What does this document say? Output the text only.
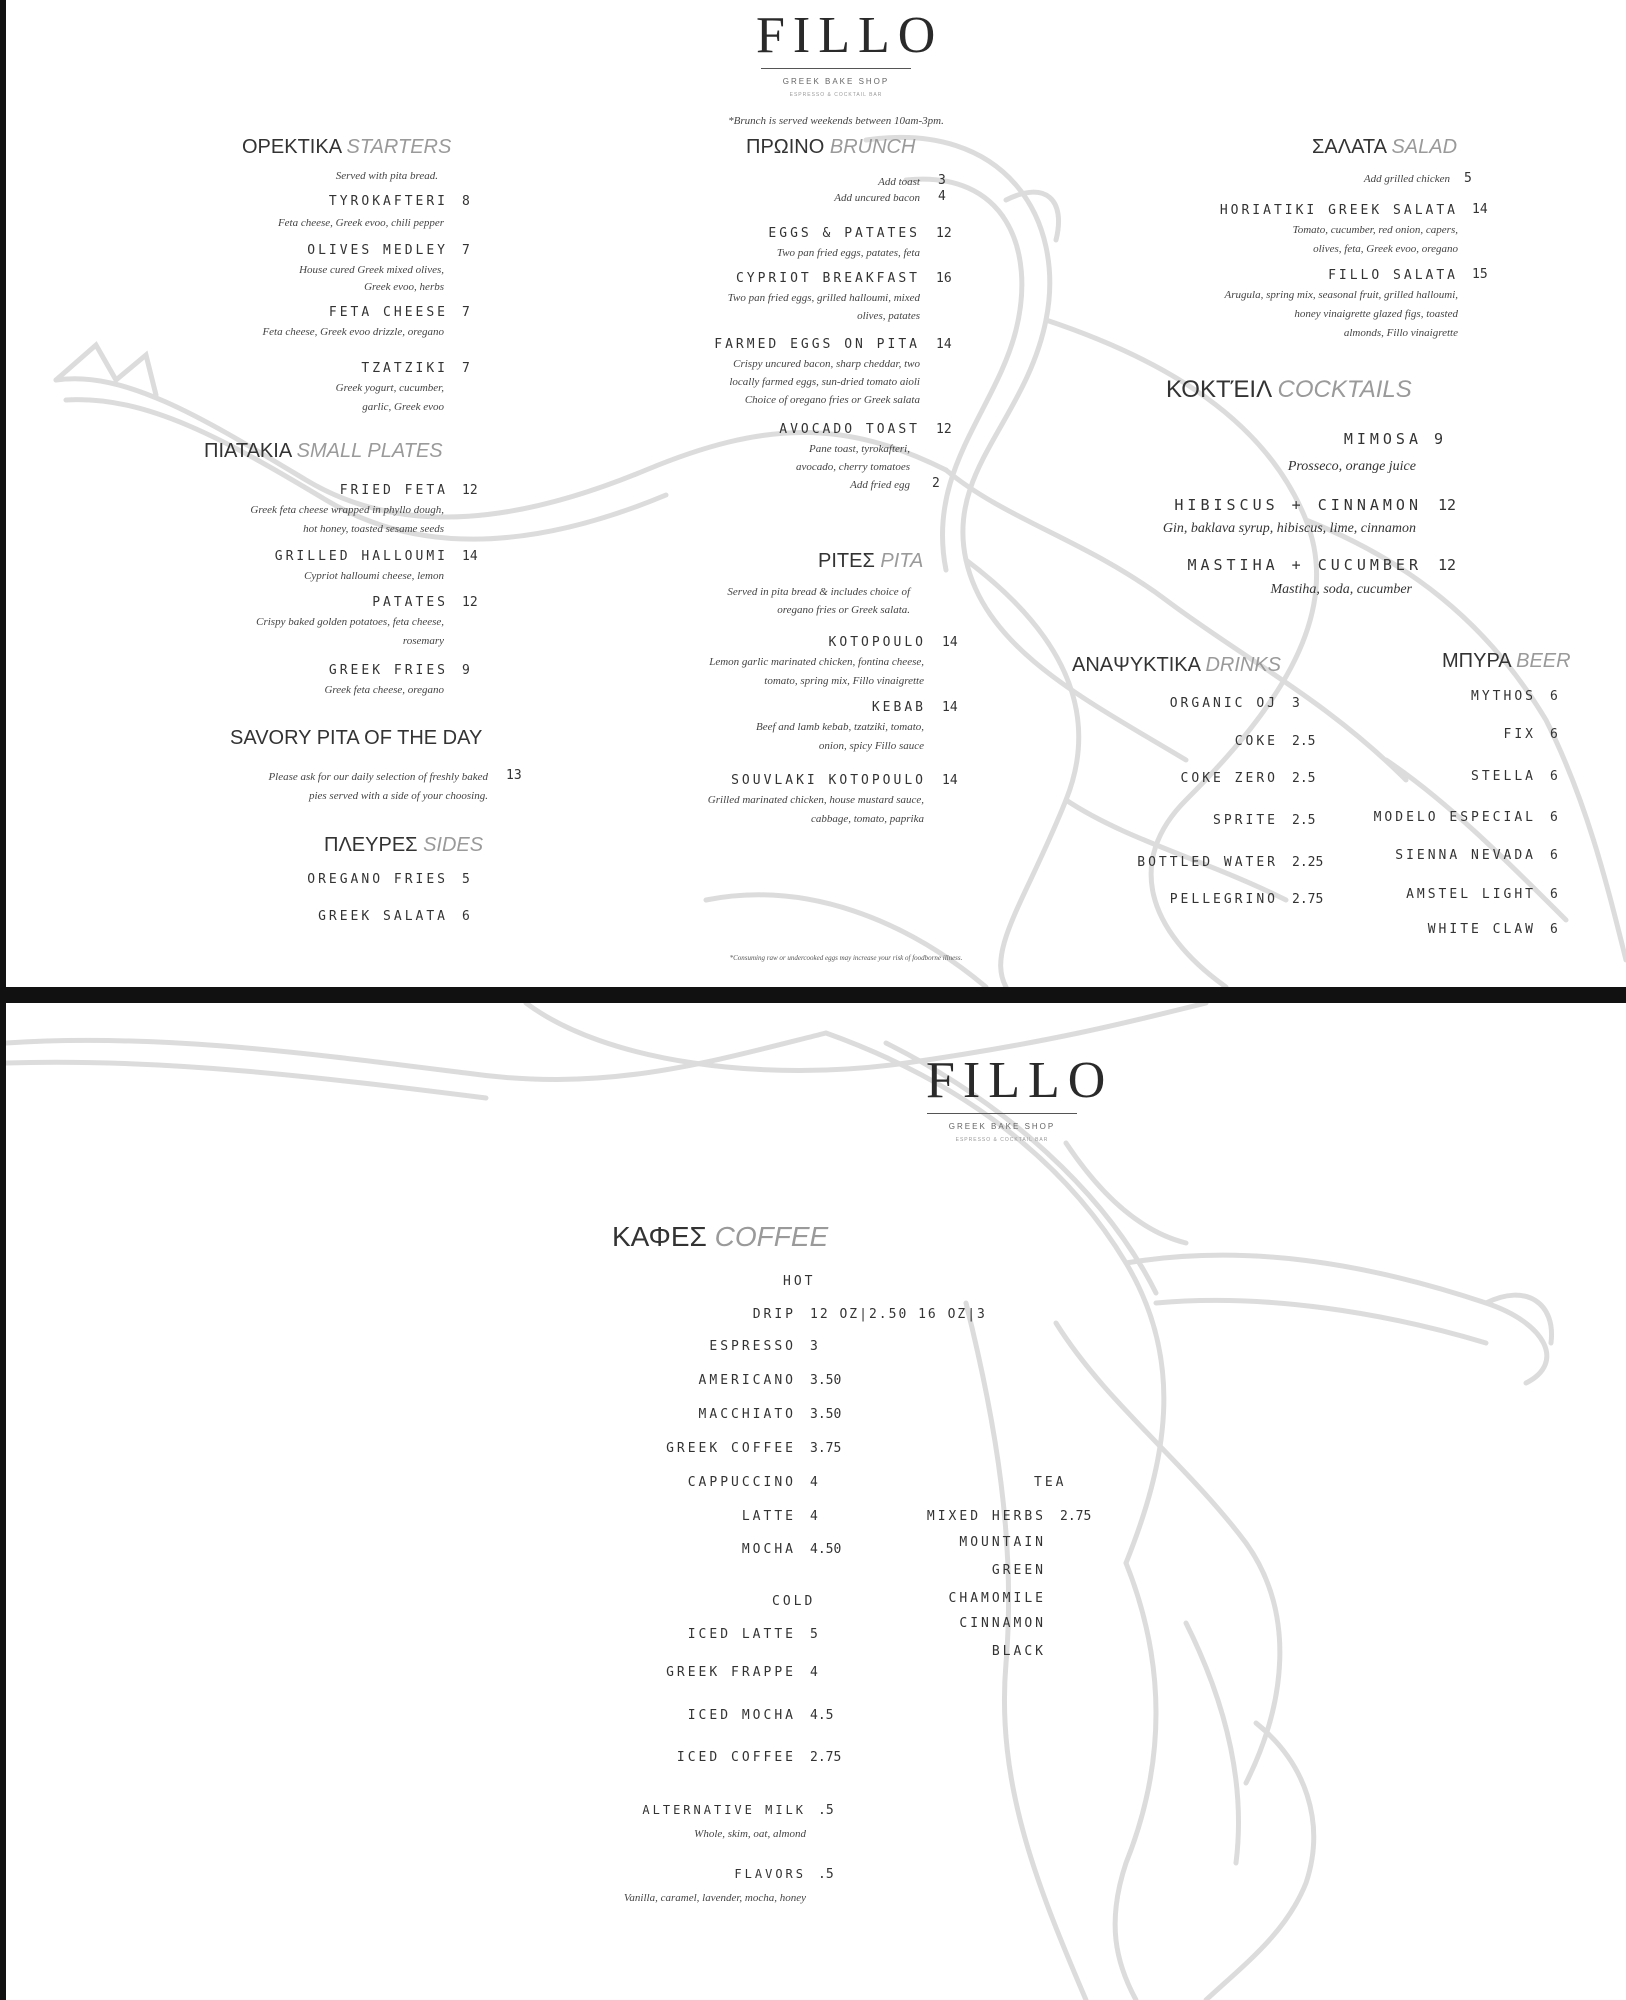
FILLO
GREEK BAKE SHOP
ESPRESSO & COCKTAIL BAR
*Brunch is served weekends between 10am-3pm.
ΟΡΕΚΤΙΚΑ STARTERS
Served with pita bread.
TYROKAFTERI 8
Feta cheese, Greek evoo, chili pepper
OLIVES MEDLEY 7
House cured Greek mixed olives,
Greek evoo, herbs
FETA CHEESE 7
Feta cheese, Greek evoo drizzle, oregano
TZATZIKI 7
Greek yogurt, cucumber,
garlic, Greek evoo
ΠΙΑΤΑΚΙΑ SMALL PLATES
FRIED FETA 12
Greek feta cheese wrapped in phyllo dough,
hot honey, toasted sesame seeds
GRILLED HALLOUMI 14
Cypriot halloumi cheese, lemon
PATATES 12
Crispy baked golden potatoes, feta cheese,
rosemary
GREEK FRIES 9
Greek feta cheese, oregano
SAVORY PITA OF THE DAY
Please ask for our daily selection of freshly baked 13
pies served with a side of your choosing.
ΠΛΕΥΡΕΣ SIDES
OREGANO FRIES 5
GREEK SALATA 6
ΠΡΩΙΝΟ BRUNCH
Add toast 3
Add uncured bacon 4
EGGS & PATATES 12
Two pan fried eggs, patates, feta
CYPRIOT BREAKFAST 16
Two pan fried eggs, grilled halloumi, mixed
olives, patates
FARMED EGGS ON PITA 14
Crispy uncured bacon, sharp cheddar, two
locally farmed eggs, sun-dried tomato aioli
Choice of oregano fries or Greek salata
AVOCADO TOAST 12
Pane toast, tyrokafteri,
avocado, cherry tomatoes
Add fried egg 2
ΡΙΤΕΣ PITA
Served in pita bread & includes choice of
oregano fries or Greek salata.
KOTOPOULO 14
Lemon garlic marinated chicken, fontina cheese,
tomato, spring mix, Fillo vinaigrette
KEBAB 14
Beef and lamb kebab, tzatziki, tomato,
onion, spicy Fillo sauce
SOUVLAKI KOTOPOULO 14
Grilled marinated chicken, house mustard sauce,
cabbage, tomato, paprika
*Consuming raw or undercooked eggs may increase your risk of foodborne illness.
ΣΑΛΑΤΑ SALAD
Add grilled chicken 5
HORIATIKI GREEK SALATA 14
Tomato, cucumber, red onion, capers,
olives, feta, Greek evoo, oregano
FILLO SALATA 15
Arugula, spring mix, seasonal fruit, grilled halloumi,
honey vinaigrette glazed figs, toasted
almonds, Fillo vinaigrette
ΚΟΚΤΈΙΛ COCKTAILS
MIMOSA 9
Prosseco, orange juice
HIBISCUS + CINNAMON 12
Gin, baklava syrup, hibiscus, lime, cinnamon
MASTIHA + CUCUMBER 12
Mastiha, soda, cucumber
ΑΝΑΨΥΚΤΙΚΑ DRINKS
ORGANIC OJ 3
COKE 2.5
COKE ZERO 2.5
SPRITE 2.5
BOTTLED WATER 2.25
PELLEGRINO 2.75
ΜΠΥΡΑ BEER
MYTHOS 6
FIX 6
STELLA 6
MODELO ESPECIAL 6
SIENNA NEVADA 6
AMSTEL LIGHT 6
WHITE CLAW 6
FILLO
GREEK BAKE SHOP
ESPRESSO & COCKTAIL BAR
ΚΑΦΕΣ COFFEE
HOT
DRIP 12 OZ|2.50 16 OZ|3
ESPRESSO 3
AMERICANO 3.50
MACCHIATO 3.50
GREEK COFFEE 3.75
CAPPUCCINO 4
LATTE 4
MOCHA 4.50
COLD
ICED LATTE 5
GREEK FRAPPE 4
ICED MOCHA 4.5
ICED COFFEE 2.75
ALTERNATIVE MILK .5
Whole, skim, oat, almond
FLAVORS .5
Vanilla, caramel, lavender, mocha, honey
TEA
MIXED HERBS 2.75
MOUNTAIN
GREEN
CHAMOMILE
CINNAMON
BLACK
